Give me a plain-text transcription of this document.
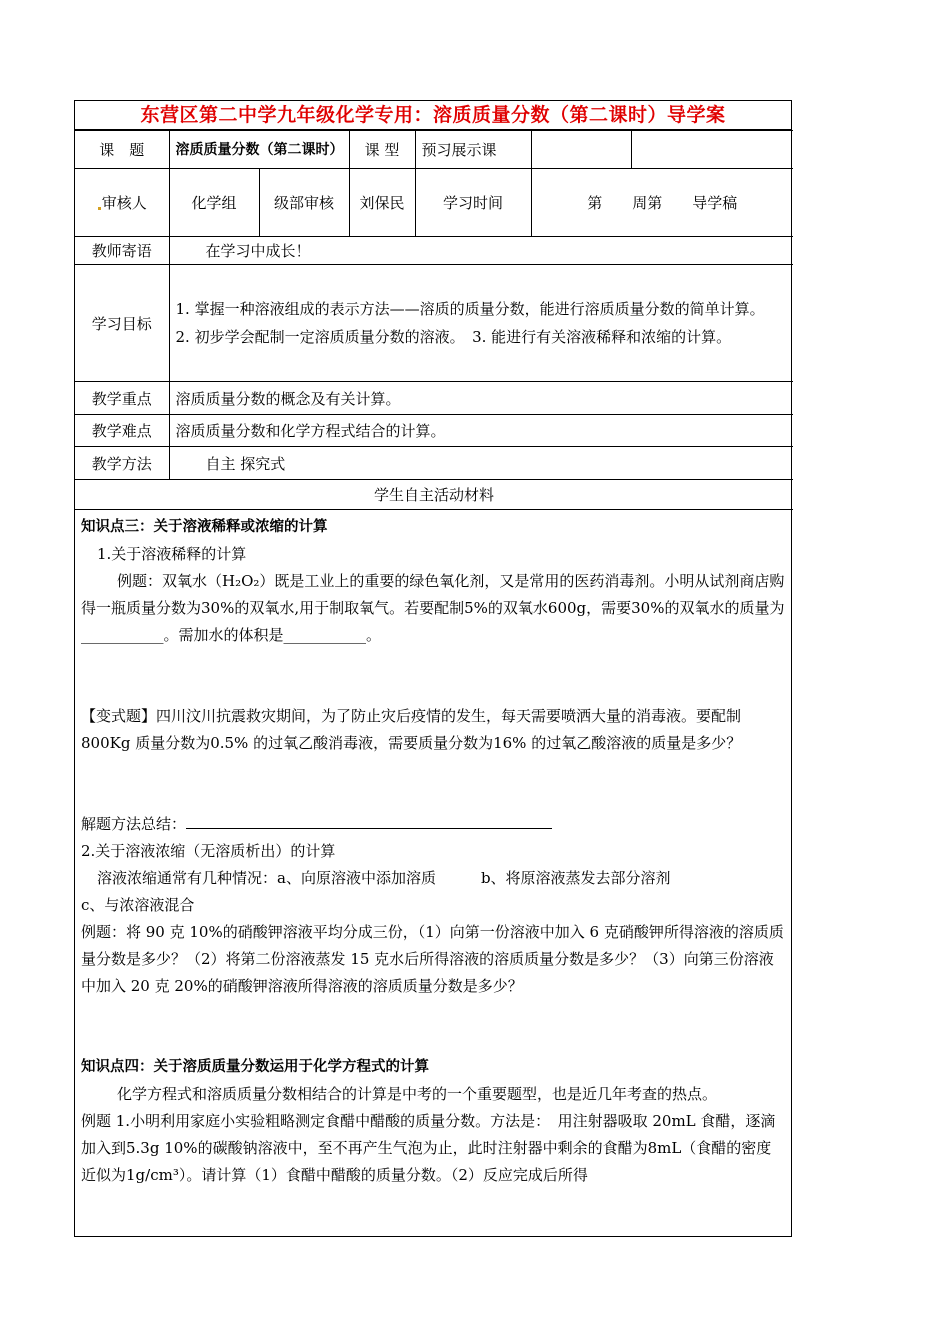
东营区第二中学九年级化学专用：溶质质量分数（第二课时）导学案
课　题	溶质质量分数（第二课时）		课 型	预习展示课		
审核人	化学组	级部审核	刘保民	学习时间	第　　周第　　导学稿	
教师寄语	在学习中成长！					
学习目标	1. 掌握一种溶液组成的表示方法——溶质的质量分数，能进行溶质质量分数的简单计算。
2. 初步学会配制一定溶质质量分数的溶液。　3. 能进行有关溶液稀释和浓缩的计算。					

教学重点	溶质质量分数的概念及有关计算。					
教学难点	溶质质量分数和化学方程式结合的计算。					
教学方法	自主 探究式					
学生自主活动材料						

知识点三：关于溶液稀释或浓缩的计算

1.关于溶液稀释的计算

例题：双氧水（H₂O₂）既是工业上的重要的绿色氧化剂，又是常用的医药消毒剂。小明从试剂商店购得一瓶质量分数为30%的双氧水,用于制取氧气。若要配制5%的双氧水600g，需要30%的双氧水的质量为___________。需加水的体积是___________。

【变式题】四川汶川抗震救灾期间，为了防止灾后疫情的发生，每天需要喷洒大量的消毒液。要配制 800Kg 质量分数为0.5% 的过氧乙酸消毒液，需要质量分数为16% 的过氧乙酸溶液的质量是多少？

解题方法总结：

2.关于溶液浓缩（无溶质析出）的计算

溶液浓缩通常有几种情况：a、向原溶液中添加溶质　　　b、将原溶液蒸发去部分溶剂

c、与浓溶液混合

例题：将 90 克 10%的硝酸钾溶液平均分成三份，（1）向第一份溶液中加入 6 克硝酸钾所得溶液的溶质质量分数是多少？（2）将第二份溶液蒸发 15 克水后所得溶液的溶质质量分数是多少？（3）向第三份溶液中加入 20 克 20%的硝酸钾溶液所得溶液的溶质质量分数是多少？

知识点四：关于溶质质量分数运用于化学方程式的计算

化学方程式和溶质质量分数相结合的计算是中考的一个重要题型，也是近几年考查的热点。

例题 1.小明利用家庭小实验粗略测定食醋中醋酸的质量分数。方法是：　用注射器吸取 20mL 食醋，逐滴加入到5.3g 10%的碳酸钠溶液中，至不再产生气泡为止，此时注射器中剩余的食醋为8mL（食醋的密度近似为1g/cm³）。请计算（1）食醋中醋酸的质量分数。（2）反应完成后所得
